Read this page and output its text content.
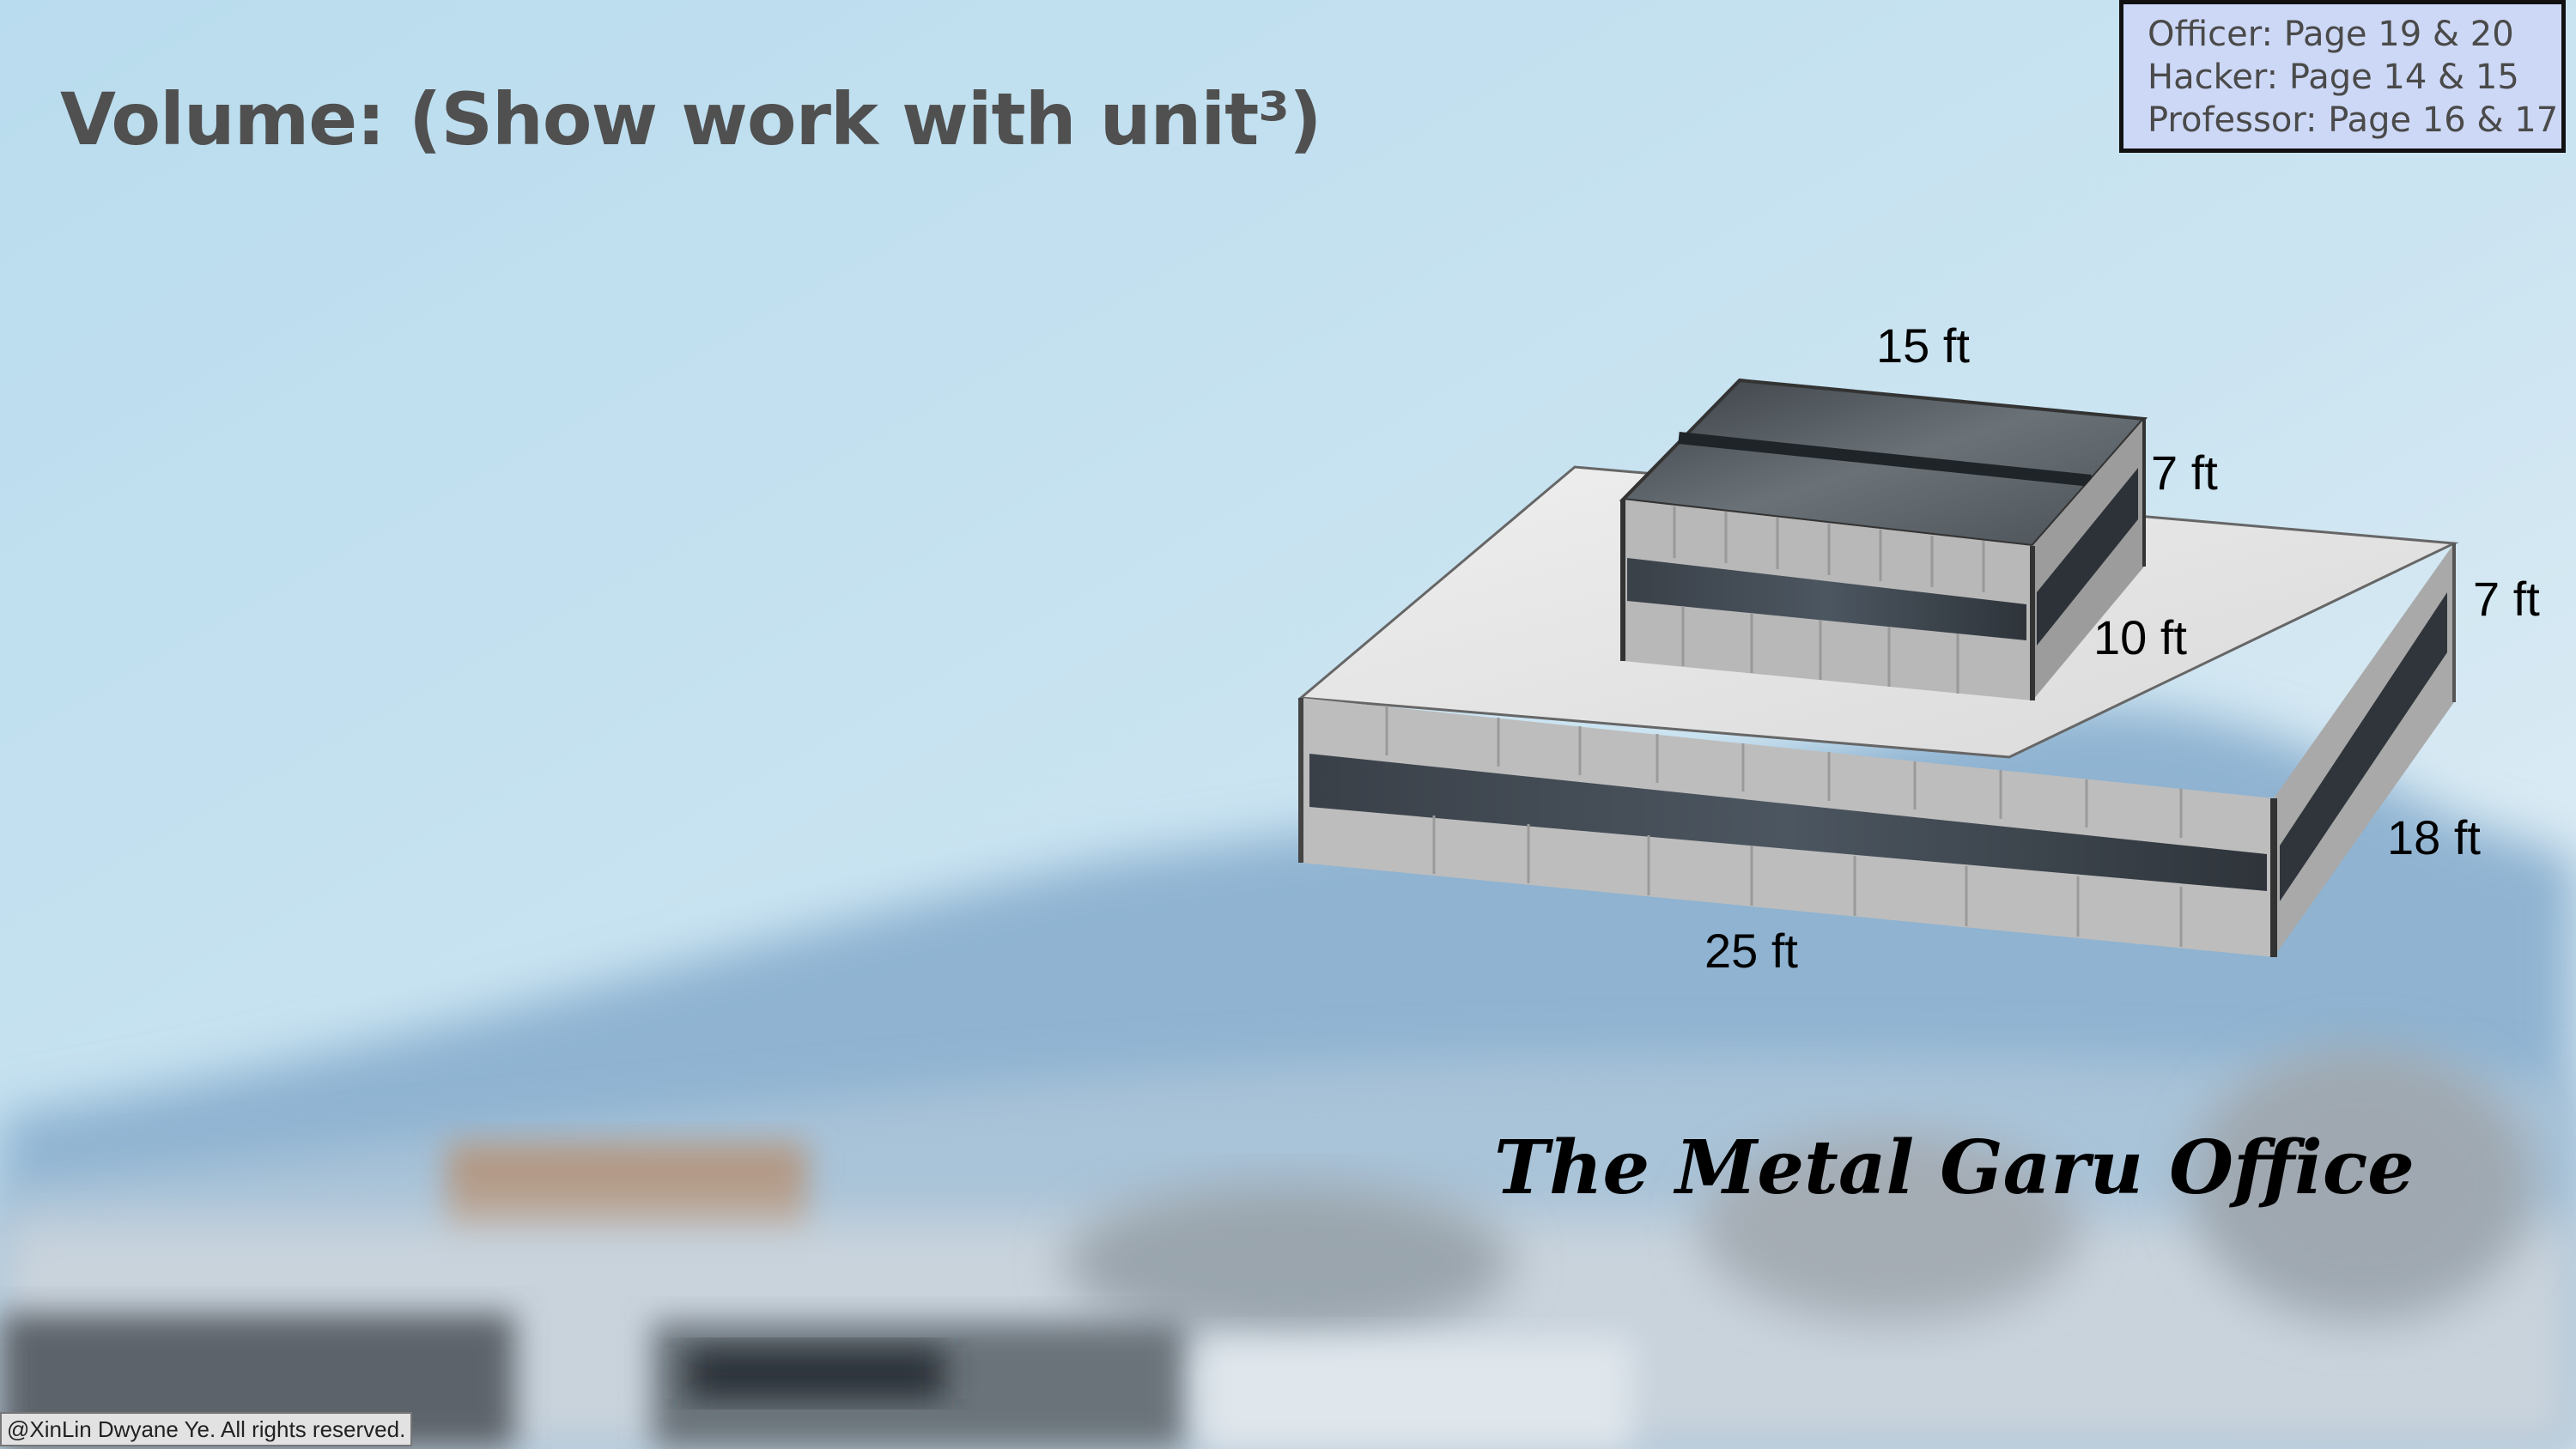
Volume: (Show work with unit³)
Officer: Page 19 & 20
Hacker: Page 14 & 15
Professor: Page 16 & 17
15 ft
7 ft
10 ft
7 ft
18 ft
25 ft
The Metal Garu Office
@XinLin Dwyane Ye. All rights reserved.
